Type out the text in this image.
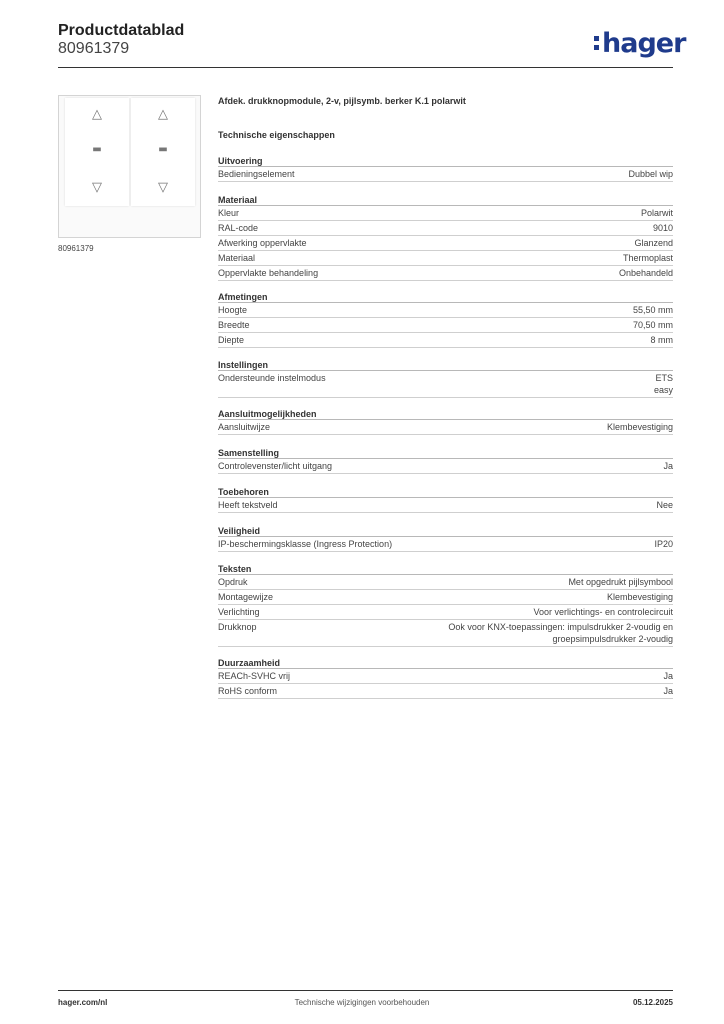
Productdatablad
80961379	hager
△
▬
▽
△
▬
▽
80961379
Afdek. drukknopmodule, 2-v, pijlsymb. berker K.1 polarwit
Technische eigenschappen
Uitvoering
Bedieningselement	Dubbel wip
Materiaal
Kleur	Polarwit
RAL-code	9010
Afwerking oppervlakte	Glanzend
Materiaal	Thermoplast
Oppervlakte behandeling	Onbehandeld
Afmetingen
Hoogte	55,50 mm
Breedte	70,50 mm
Diepte	8 mm
Instellingen
Ondersteunde instelmodus	ETS
easy
Aansluitmogelijkheden
Aansluitwijze	Klembevestiging
Samenstelling
Controlevenster/licht uitgang	Ja
Toebehoren
Heeft tekstveld	Nee
Veiligheid
IP-beschermingsklasse (Ingress Protection)	IP20
Teksten
Opdruk	Met opgedrukt pijlsymbool
Montagewijze	Klembevestiging
Verlichting	Voor verlichtings- en controlecircuit
Drukknop	Ook voor KNX-toepassingen: impulsdrukker 2-voudig en
groepsimpulsdrukker 2-voudig
Duurzaamheid
REACh-SVHC vrij	Ja
RoHS conform	Ja
hager.com/nl	Technische wijzigingen voorbehouden	05.12.2025
